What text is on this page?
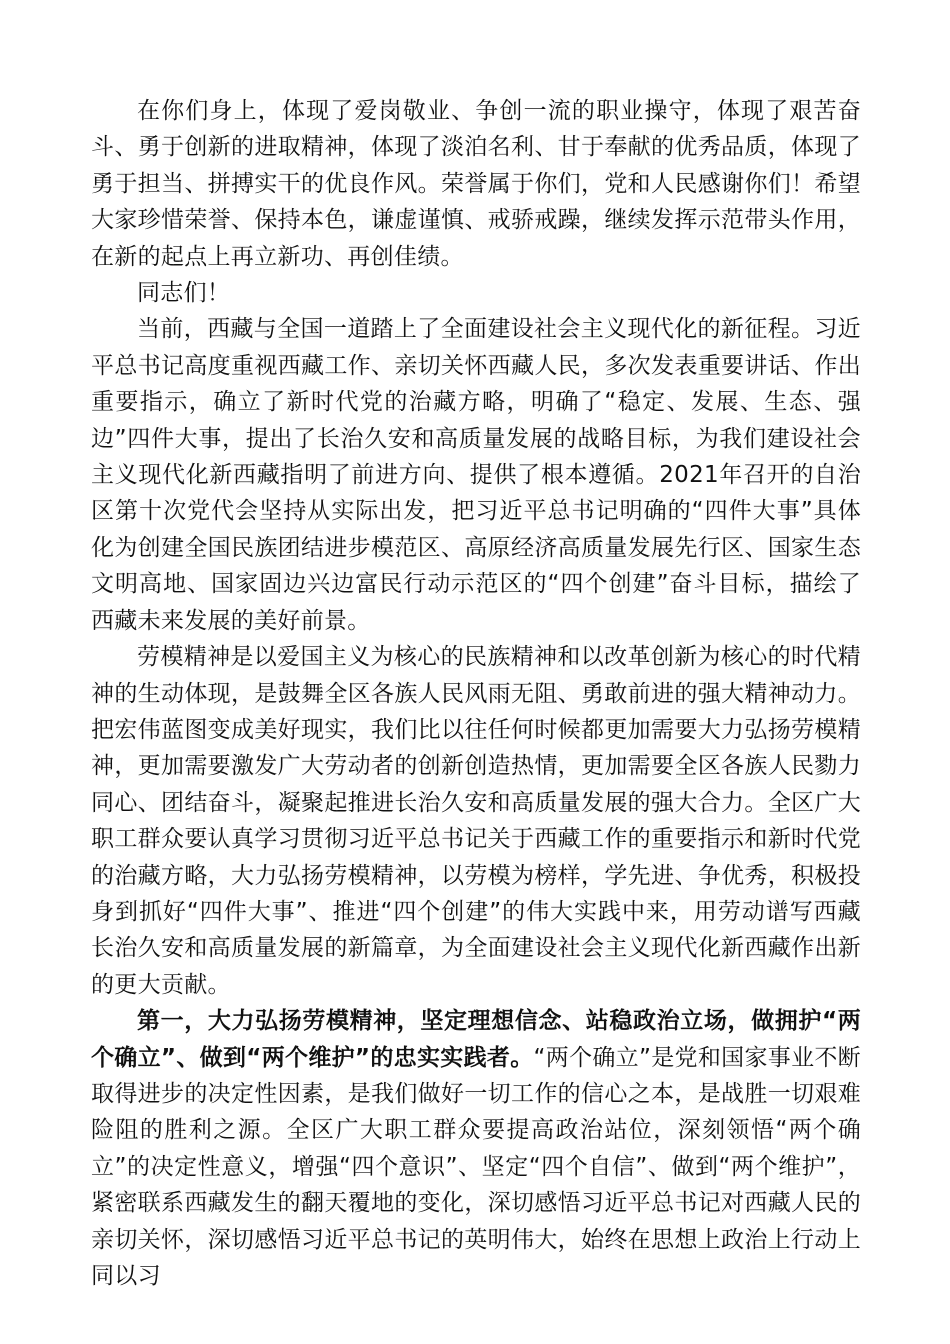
在你们身上，体现了爱岗敬业、争创一流的职业操守，体现了艰苦奋斗、勇于创新的进取精神，体现了淡泊名利、甘于奉献的优秀品质，体现了勇于担当、拼搏实干的优良作风。荣誉属于你们，党和人民感谢你们！希望大家珍惜荣誉、保持本色，谦虚谨慎、戒骄戒躁，继续发挥示范带头作用，在新的起点上再立新功、再创佳绩。

同志们！

当前，西藏与全国一道踏上了全面建设社会主义现代化的新征程。习近平总书记高度重视西藏工作、亲切关怀西藏人民，多次发表重要讲话、作出重要指示，确立了新时代党的治藏方略，明确了“稳定、发展、生态、强边”四件大事，提出了长治久安和高质量发展的战略目标，为我们建设社会主义现代化新西藏指明了前进方向、提供了根本遵循。2021年召开的自治区第十次党代会坚持从实际出发，把习近平总书记明确的“四件大事”具体化为创建全国民族团结进步模范区、高原经济高质量发展先行区、国家生态文明高地、国家固边兴边富民行动示范区的“四个创建”奋斗目标，描绘了西藏未来发展的美好前景。

劳模精神是以爱国主义为核心的民族精神和以改革创新为核心的时代精神的生动体现，是鼓舞全区各族人民风雨无阻、勇敢前进的强大精神动力。把宏伟蓝图变成美好现实，我们比以往任何时候都更加需要大力弘扬劳模精神，更加需要激发广大劳动者的创新创造热情，更加需要全区各族人民勠力同心、团结奋斗，凝聚起推进长治久安和高质量发展的强大合力。全区广大职工群众要认真学习贯彻习近平总书记关于西藏工作的重要指示和新时代党的治藏方略，大力弘扬劳模精神，以劳模为榜样，学先进、争优秀，积极投身到抓好“四件大事”、推进“四个创建”的伟大实践中来，用劳动谱写西藏长治久安和高质量发展的新篇章，为全面建设社会主义现代化新西藏作出新的更大贡献。

第一，大力弘扬劳模精神，坚定理想信念、站稳政治立场，做拥护“两个确立”、做到“两个维护”的忠实实践者。“两个确立”是党和国家事业不断取得进步的决定性因素，是我们做好一切工作的信心之本，是战胜一切艰难险阻的胜利之源。全区广大职工群众要提高政治站位，深刻领悟“两个确立”的决定性意义，增强“四个意识”、坚定“四个自信”、做到“两个维护”，紧密联系西藏发生的翻天覆地的变化，深切感悟习近平总书记对西藏人民的亲切关怀，深切感悟习近平总书记的英明伟大，始终在思想上政治上行动上同以习
